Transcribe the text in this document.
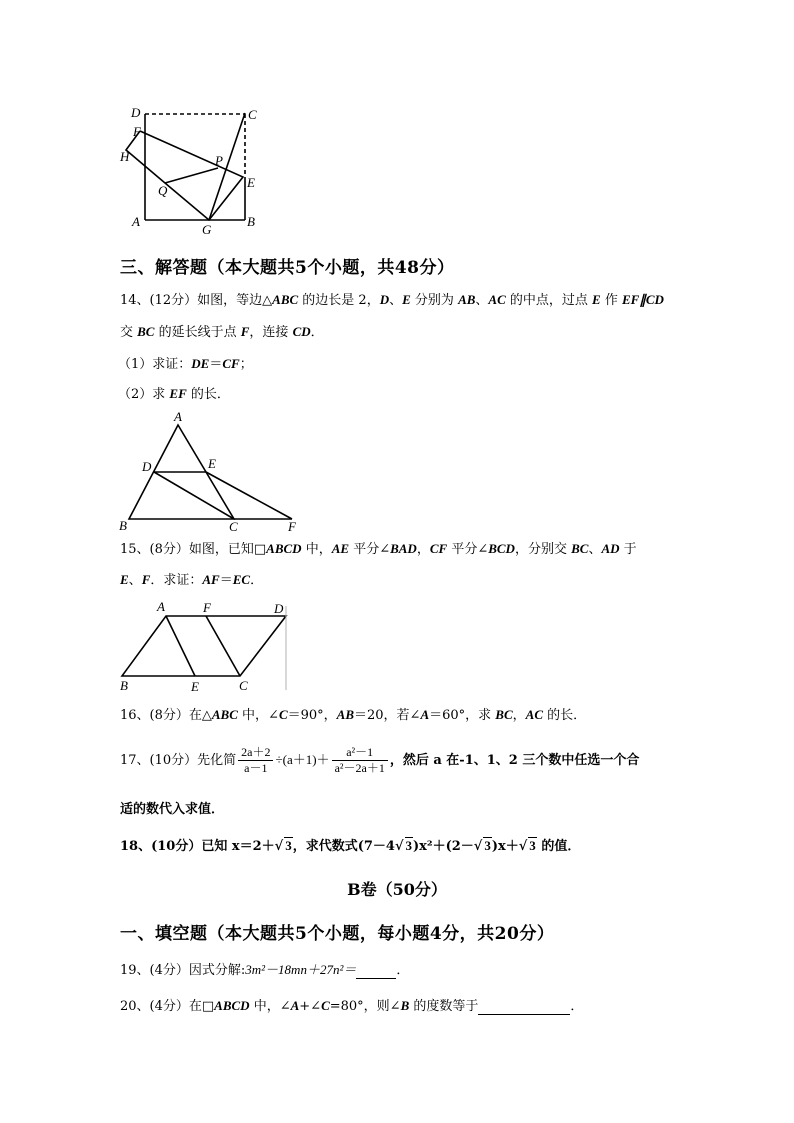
D	C
F
H	P
Q
E
A
G
B
三、解答题（本大题共5个小题，共48分）
14、(12分）如图，等边△ABC 的边长是 2，D、E 分别为 AB、AC 的中点，过点 E 作 EF∥CD
交 BC 的延长线于点 F，连接 CD．
（1）求证：DE＝CF；
（2）求 EF 的长．
A
D	E
B	C	F
15、(8分）如图，已知□ABCD 中，AE 平分∠BAD，CF 平分∠BCD，分别交 BC、AD 于
E、F．求证：AF＝EC．
A	F	D
B	E	C
16、(8分）在△ABC 中，∠C＝90°，AB＝20，若∠A＝60°，求 BC，AC 的长．
17、(10分）先化简 $\frac{2a+2}{a-1} \div(a+1)+ \frac{\text{a²－1}}{\text{a²－2a＋1}}$ ，然后 a 在-1、1、2 三个数中任选一个合
适的数代入求值．
18、(10分）已知 x＝2＋√ 3，求代数式(7－4√ 3)x²＋(2－√ 3)x＋√ 3 的值．
B卷（50分）
一、填空题（本大题共5个小题，每小题4分，共20分）
19、(4分）因式分解:3m²－18mn＋27n²＝	．
20、(4分）在□ABCD 中，∠A+∠C=80°，则∠B 的度数等于	．
